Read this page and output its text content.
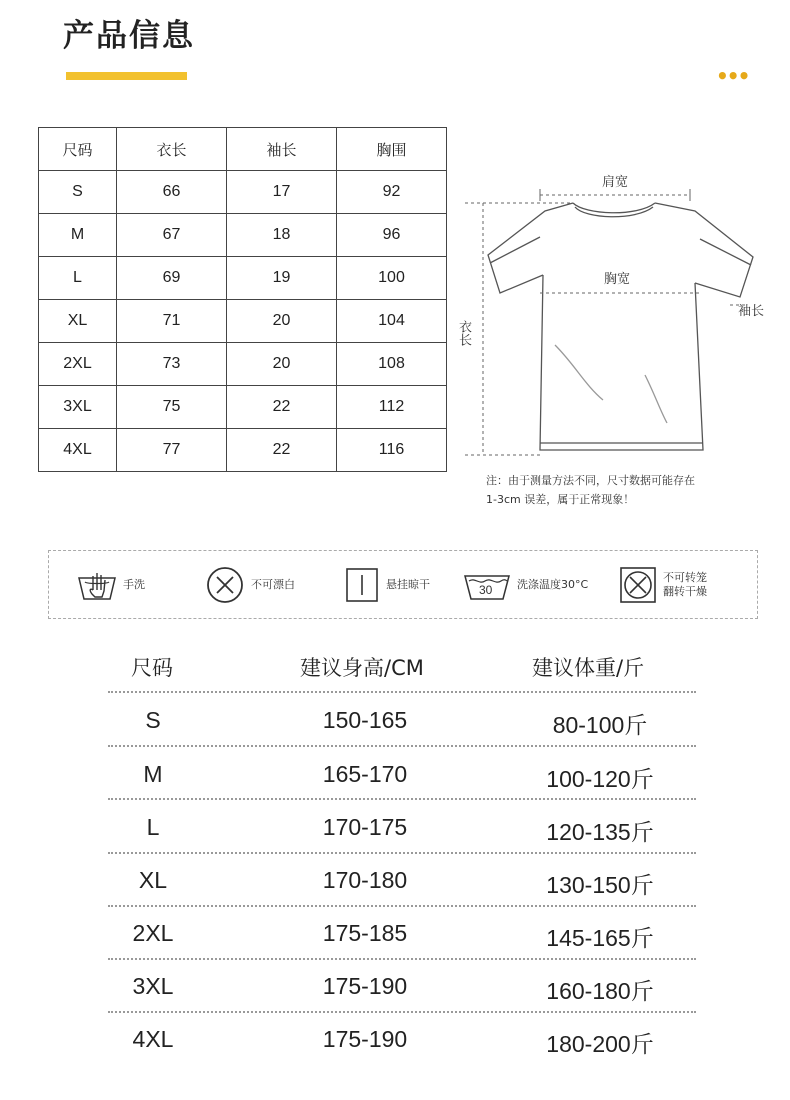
产品信息
•••
尺码	衣长	袖长	胸围
S	66	17	92
M	67	18	96
L	69	19	100
XL	71	20	104
2XL	73	20	108
3XL	75	22	112
4XL	77	22	116
肩宽
胸宽
袖长
衣长
注：由于测量方法不同，尺寸数据可能存在
1-3cm 误差，属于正常现象！
手洗	不可漂白	悬挂晾干	30 洗涤温度30°C
不可转笼
翻转干燥
尺码	建议身高/CM	建议体重/斤
S	150-165	80-100斤
M	165-170	100-120斤
L	170-175	120-135斤
XL	170-180	130-150斤
2XL	175-185	145-165斤
3XL	175-190	160-180斤
4XL	175-190	180-200斤
